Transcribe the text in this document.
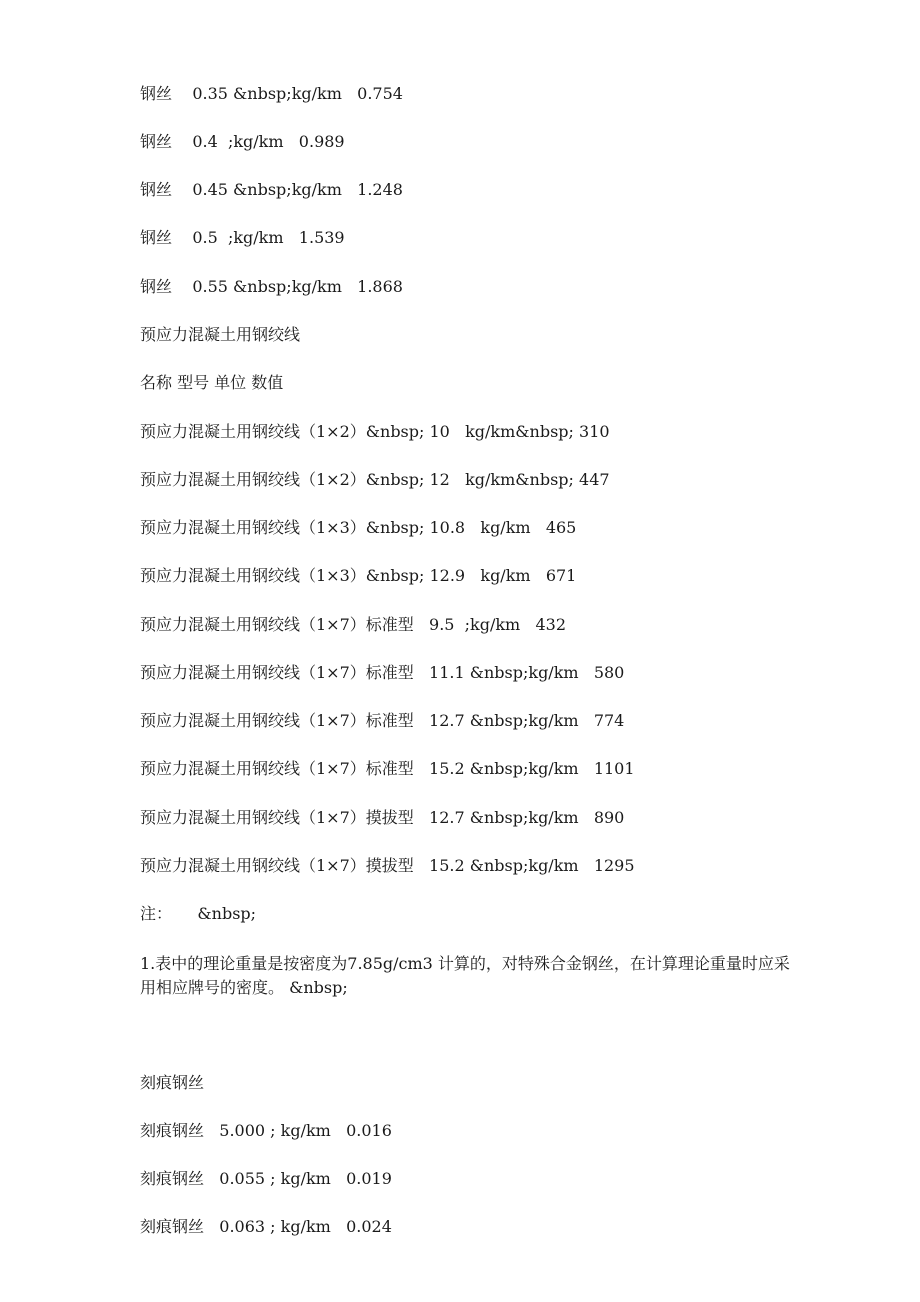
钢丝    0.35 &nbsp;kg/km   0.754
钢丝    0.4  ;kg/km   0.989
钢丝    0.45 &nbsp;kg/km   1.248
钢丝    0.5  ;kg/km   1.539
钢丝    0.55 &nbsp;kg/km   1.868
预应力混凝土用钢绞线
名称 型号 单位 数值
预应力混凝土用钢绞线（1×2）&nbsp; 10   kg/km&nbsp; 310
预应力混凝土用钢绞线（1×2）&nbsp; 12   kg/km&nbsp; 447
预应力混凝土用钢绞线（1×3）&nbsp; 10.8   kg/km   465
预应力混凝土用钢绞线（1×3）&nbsp; 12.9   kg/km   671
预应力混凝土用钢绞线（1×7）标准型   9.5  ;kg/km   432
预应力混凝土用钢绞线（1×7）标准型   11.1 &nbsp;kg/km   580
预应力混凝土用钢绞线（1×7）标准型   12.7 &nbsp;kg/km   774
预应力混凝土用钢绞线（1×7）标准型   15.2 &nbsp;kg/km   1101
预应力混凝土用钢绞线（1×7）摸拔型   12.7 &nbsp;kg/km   890
预应力混凝土用钢绞线（1×7）摸拔型   15.2 &nbsp;kg/km   1295
注：     &nbsp;
1.表中的理论重量是按密度为7.85g/cm3 计算的，对特殊合金钢丝，在计算理论重量时应采用相应牌号的密度。 &nbsp;
刻痕钢丝
刻痕钢丝   5.000 ; kg/km   0.016
刻痕钢丝   0.055 ; kg/km   0.019
刻痕钢丝   0.063 ; kg/km   0.024
